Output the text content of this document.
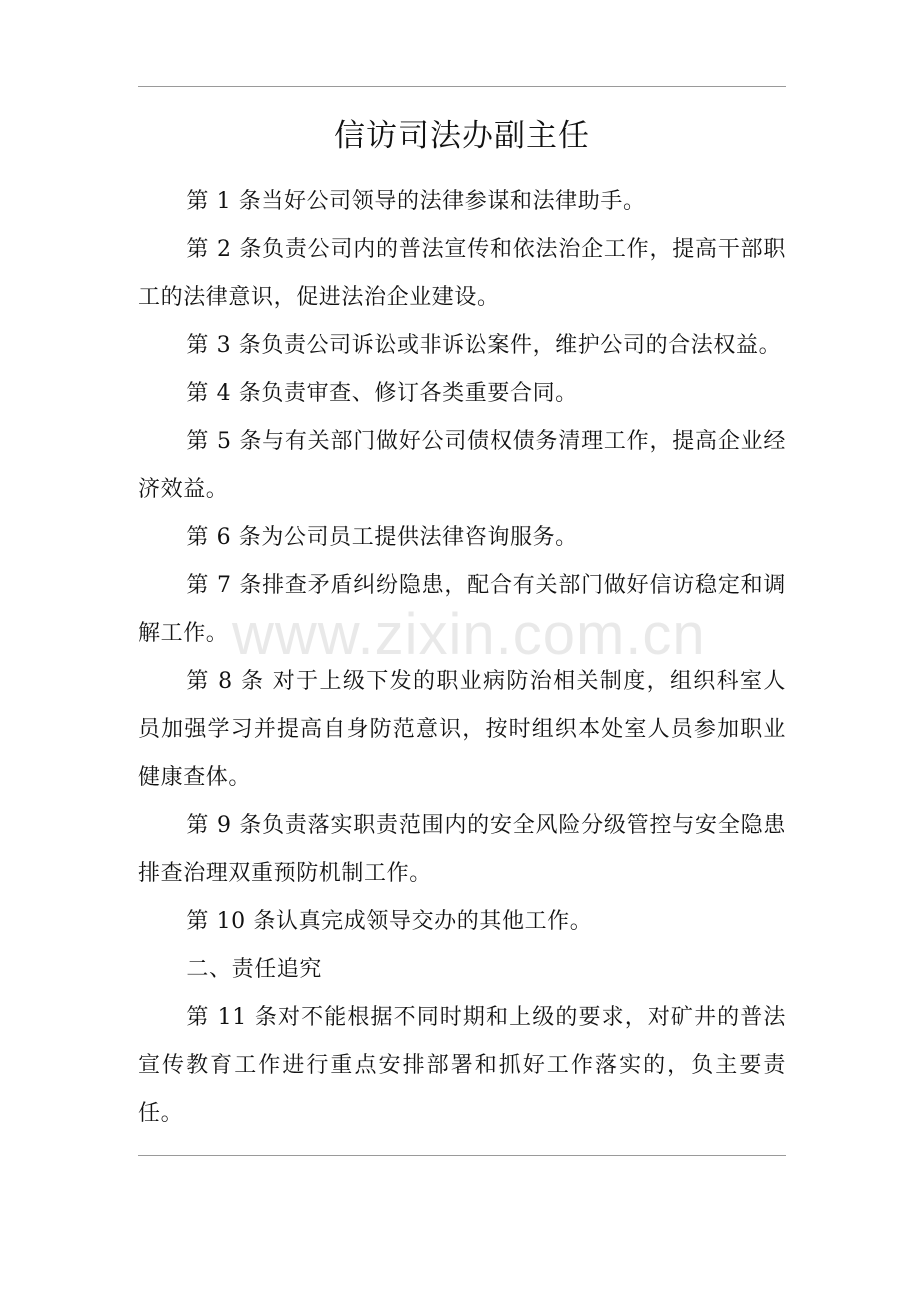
信访司法办副主任

第 1 条当好公司领导的法律参谋和法律助手。

第 2 条负责公司内的普法宣传和依法治企工作，提高干部职工的法律意识，促进法治企业建设。

第 3 条负责公司诉讼或非诉讼案件，维护公司的合法权益。

第 4 条负责审查、修订各类重要合同。

第 5 条与有关部门做好公司债权债务清理工作，提高企业经济效益。

第 6 条为公司员工提供法律咨询服务。

第 7 条排查矛盾纠纷隐患，配合有关部门做好信访稳定和调解工作。

第 8 条 对于上级下发的职业病防治相关制度，组织科室人员加强学习并提高自身防范意识，按时组织本处室人员参加职业健康查体。

第 9 条负责落实职责范围内的安全风险分级管控与安全隐患排查治理双重预防机制工作。

第 10 条认真完成领导交办的其他工作。

二、责任追究

第 11 条对不能根据不同时期和上级的要求，对矿井的普法宣传教育工作进行重点安排部署和抓好工作落实的，负主要责任。

www.zixin.com.cn
